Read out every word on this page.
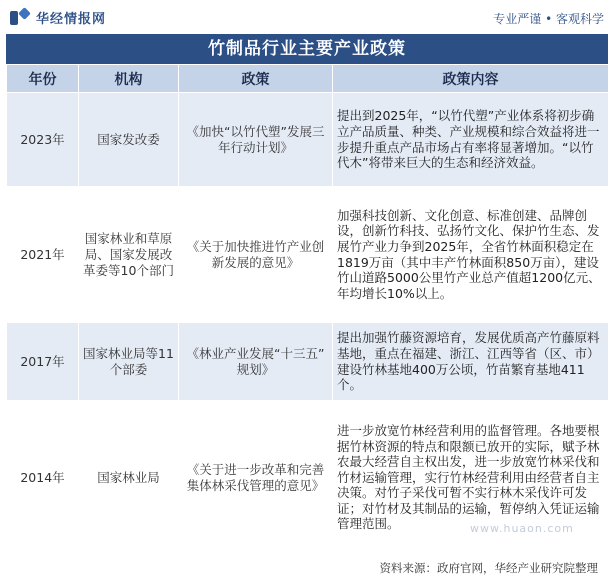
华经情报网	专业严谨 • 客观科学
竹制品行业主要产业政策
年份	机构	政策	政策内容
2023年	国家发改委	《加快“以竹代塑”发展三年行动计划》	提出到2025年，“以竹代塑”产业体系将初步确立产品质量、种类、产业规模和综合效益将进一步提升重点产品市场占有率将显著增加。“以竹代木”将带来巨大的生态和经济效益。
2021年	国家林业和草原局、国家发展改革委等10个部门	《关于加快推进竹产业创新发展的意见》	加强科技创新、文化创意、标准创建、品牌创设，创新竹科技、弘扬竹文化、保护竹生态、发展竹产业力争到2025年，全省竹林面积稳定在1819万亩（其中丰产竹林面积850万亩），建设竹山道路5000公里竹产业总产值超1200亿元、年均增长10%以上。
2017年	国家林业局等11个部委	《林业产业发展“十三五” 规划》	提出加强竹藤资源培育，发展优质高产竹藤原料基地，重点在福建、浙江、江西等省（区、市）建设竹林基地400万公顷，竹苗繁育基地411个。
2014年	国家林业局	《关于进一步改革和完善集体林采伐管理的意见》	进一步放宽竹林经营利用的监督管理。各地要根据竹林资源的特点和限额已放开的实际，赋予林农最大经营自主权出发，进一步放宽竹林采伐和竹材运输管理，实行竹林经营利用由经营者自主决策。对竹子采伐可暂不实行林木采伐许可发证；对竹材及其制品的运输，暂停纳入凭证运输管理范围。	www.huaon.com
资料来源：政府官网，华经产业研究院整理
